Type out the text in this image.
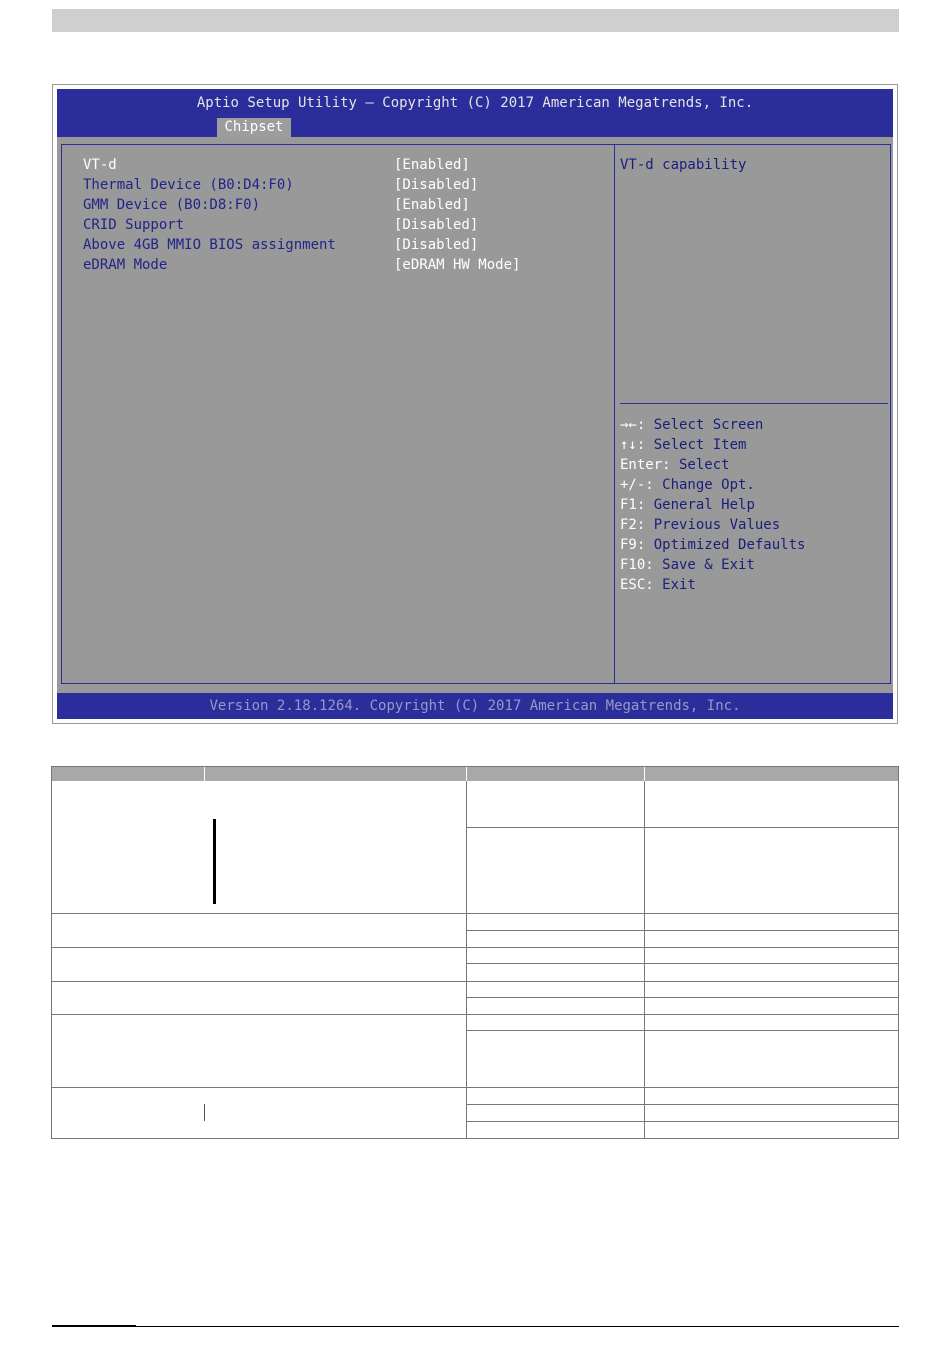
Aptio Setup Utility – Copyright (C) 2017 American Megatrends, Inc.
Chipset
VT-d	[Enabled]
Thermal Device (B0:D4:F0)	[Disabled]
GMM Device (B0:D8:F0)	[Enabled]
CRID Support	[Disabled]
Above 4GB MMIO BIOS assignment	[Disabled]
eDRAM Mode	[eDRAM HW Mode]
VT-d capability
→←: Select Screen
↑↓: Select Item
Enter: Select
+/-: Change Opt.
F1: General Help
F2: Previous Values
F9: Optimized Defaults
F10: Save & Exit
ESC: Exit
Version 2.18.1264. Copyright (C) 2017 American Megatrends, Inc.
